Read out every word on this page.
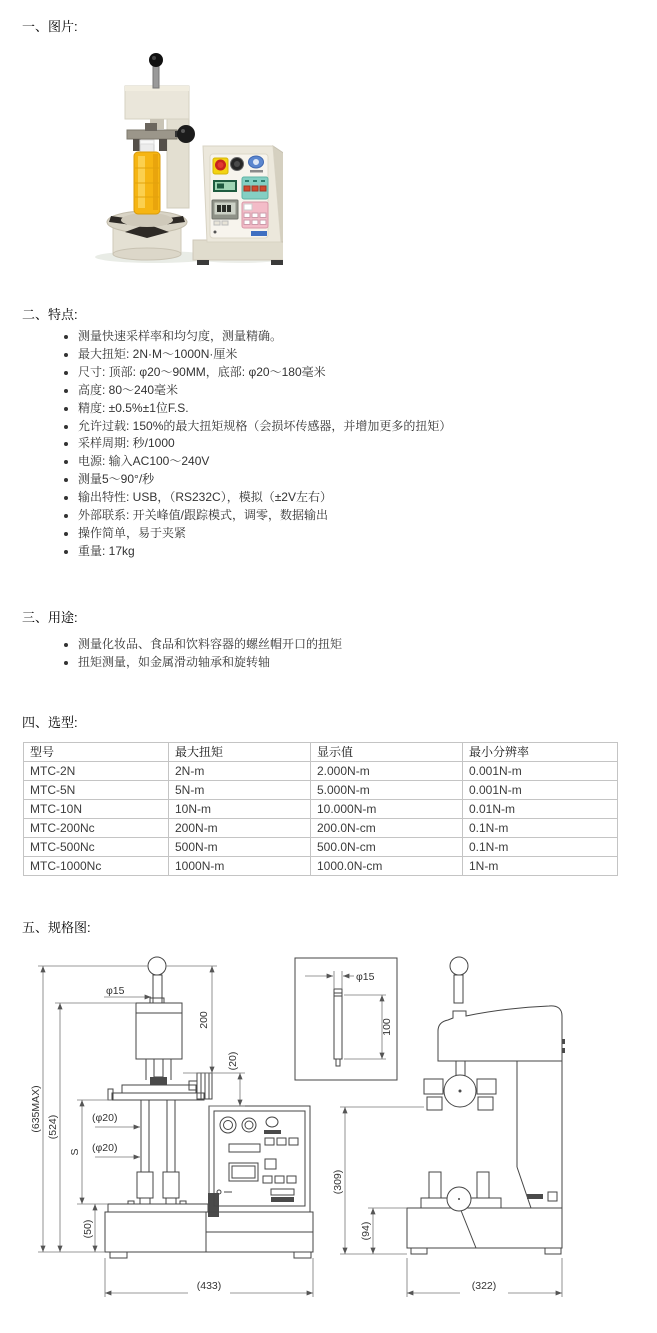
一、图片:
二、特点:
• 测量快速采样率和均匀度，测量精确。
• 最大扭矩: 2N·M〜1000N·厘米
• 尺寸: 顶部: φ20〜90MM，底部: φ20〜180毫米
• 高度: 80〜240毫米
• 精度: ±0.5%±1位F.S.
• 允许过载: 150%的最大扭矩规格（会损坏传感器，并增加更多的扭矩）
• 采样周期: 秒/1000
• 电源: 输入AC100〜240V
• 测量5〜90°/秒
• 输出特性: USB，（RS232C），模拟（±2V左右）
• 外部联系: 开关峰值/跟踪模式，调零，数据输出
• 操作简单，易于夹紧
• 重量: 17kg
三、用途:
• 测量化妆品、食品和饮料容器的螺丝帽开口的扭矩
• 扭矩测量，如金属滑动轴承和旋转轴
四、选型:
型号	最大扭矩	显示值	最小分辨率
MTC-2N	2N-m	2.000N-m	0.001N-m
MTC-5N	5N-m	5.000N-m	0.001N-m
MTC-10N	10N-m	10.000N-m	0.01N-m
MTC-200Nc	200N-m	200.0N-cm	0.1N-m
MTC-500Nc	500N-m	500.0N-cm	0.1N-m
MTC-1000Nc	1000N-m	1000.0N-cm	1N-m
五、规格图:
(635MAX) (524)
S
(50)
φ15
200
(20)
(φ20)
(φ20)
(433)
φ15
100
(309)
(94)
(322)
